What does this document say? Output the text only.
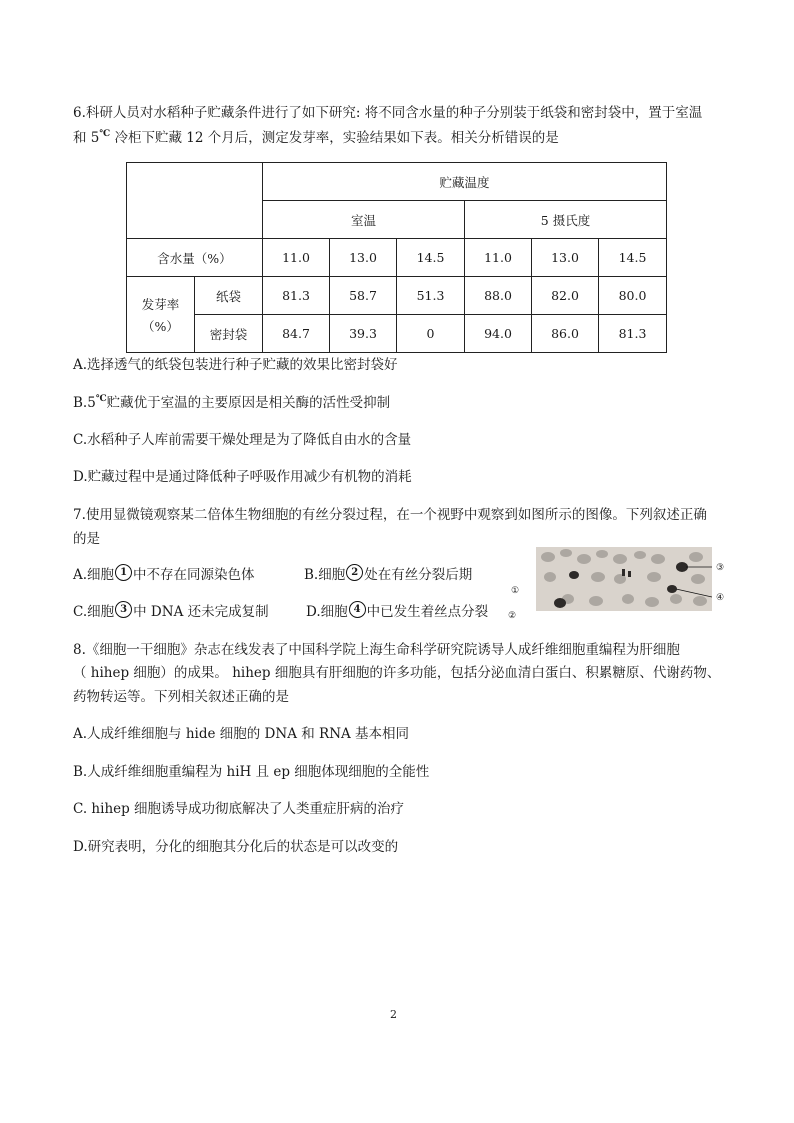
6.科研人员对水稻种子贮藏条件进行了如下研究: 将不同含水量的种子分别装于纸袋和密封袋中，置于室温
和 5℃ 冷柜下贮藏 12 个月后，测定发芽率，实验结果如下表。相关分析错误的是
		贮藏温度					
		室温			5 摄氏度		
含水量（%）		11.0	13.0	14.5	11.0	13.0	14.5

发芽率
（%）	纸袋	81.3	58.7	51.3	88.0	82.0	80.0
	密封袋	84.7	39.3	0	94.0	86.0	81.3
A.选择透气的纸袋包装进行种子贮藏的效果比密封袋好
B.5℃贮藏优于室温的主要原因是相关酶的活性受抑制
C.水稻种子人库前需要干燥处理是为了降低自由水的含量
D.贮藏过程中是通过降低种子呼吸作用减少有机物的消耗
7.使用显微镜观察某二倍体生物细胞的有丝分裂过程，在一个视野中观察到如图所示的图像。下列叙述正确
的是
A.细胞 1 中不存在同源染色体	B.细胞 2 处在有丝分裂后期
C.细胞 3 中 DNA 还未完成复制	D.细胞 4 中已发生着丝点分裂
①
②
③
④
8.《细胞一干细胞》杂志在线发表了中国科学院上海生命科学研究院诱导人成纤维细胞重编程为肝细胞
（ hihep 细胞）的成果。 hihep 细胞具有肝细胞的许多功能，包括分泌血清白蛋白、积累糖原、代谢药物、
药物转运等。下列相关叙述正确的是
A.人成纤维细胞与 hide 细胞的 DNA 和 RNA 基本相同
B.人成纤维细胞重编程为 hiH 且 ep 细胞体现细胞的全能性
C. hihep 细胞诱导成功彻底解决了人类重症肝病的治疗
D.研究表明，分化的细胞其分化后的状态是可以改变的
2
